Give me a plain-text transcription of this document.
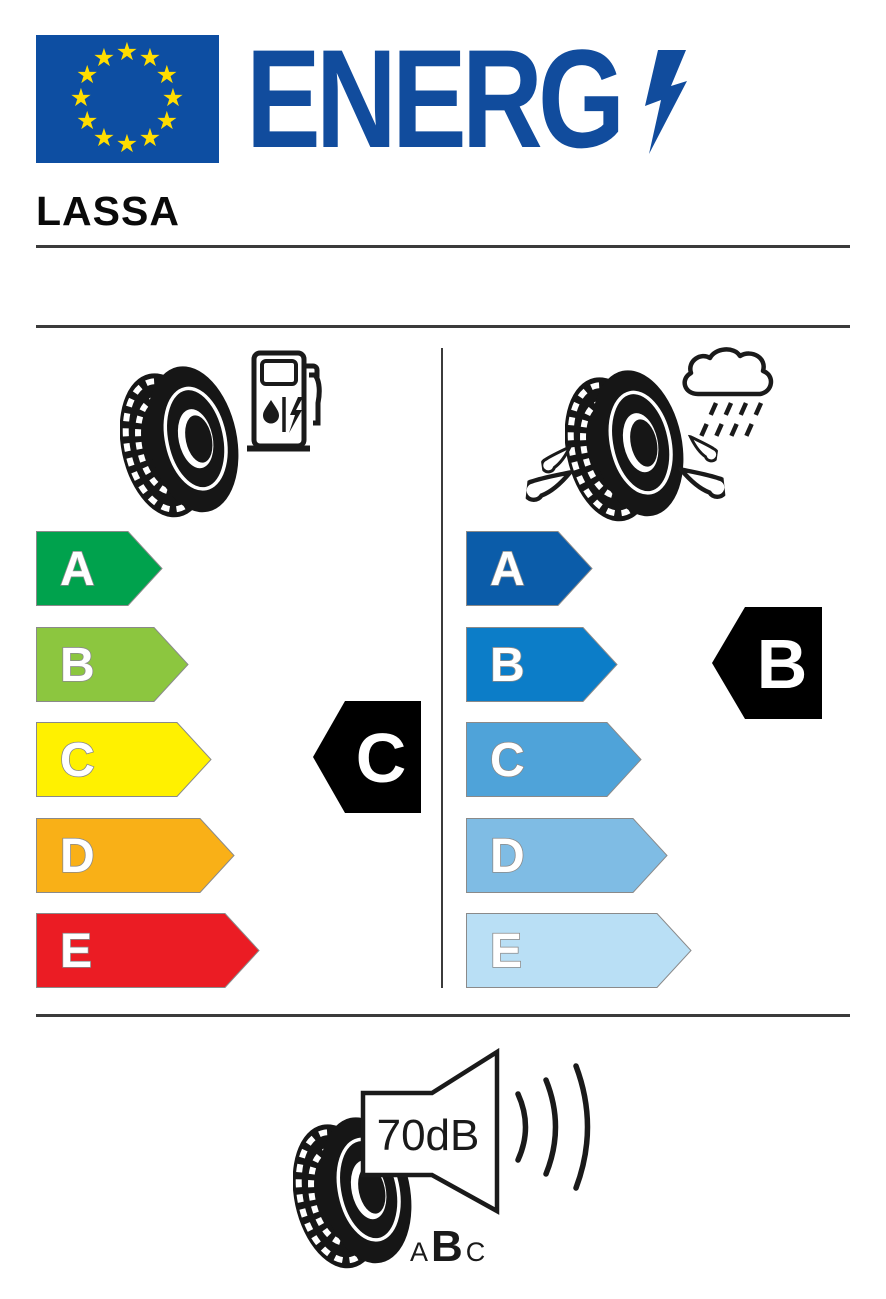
★
★
★
★
★
★
★
★
★
★
★
★
ENERG
LASSA
A
B
C
D
E
C
A
B
C
D
E
B
70dB
A B C
